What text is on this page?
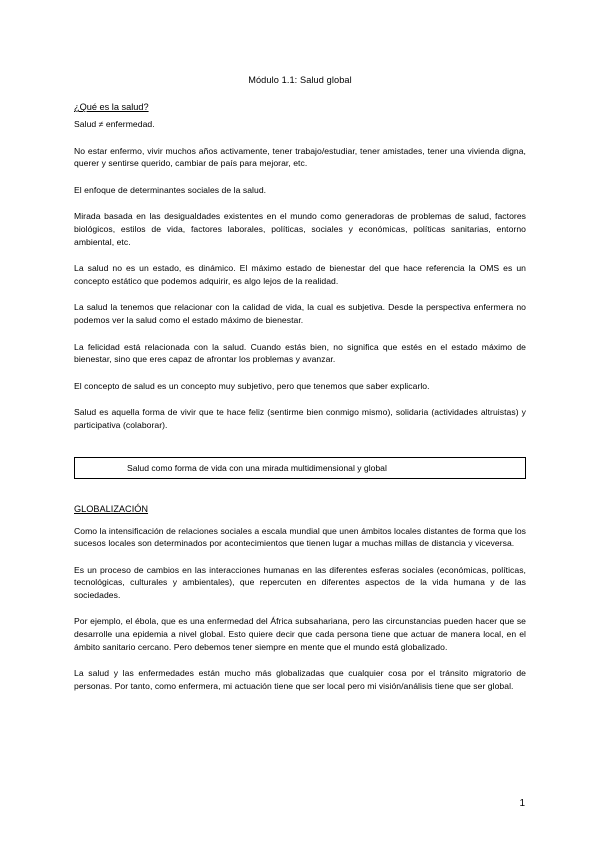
Módulo 1.1: Salud global
¿Qué es la salud?

Salud ≠ enfermedad.

No estar enfermo, vivir muchos años activamente, tener trabajo/estudiar, tener amistades, tener una vivienda digna, querer y sentirse querido, cambiar de país para mejorar, etc.

El enfoque de determinantes sociales de la salud.

Mirada basada en las desigualdades existentes en el mundo como generadoras de problemas de salud, factores biológicos, estilos de vida, factores laborales, políticas, sociales y económicas, políticas sanitarias, entorno ambiental, etc.

La salud no es un estado, es dinámico. El máximo estado de bienestar del que hace referencia la OMS es un concepto estático que podemos adquirir, es algo lejos de la realidad.

La salud la tenemos que relacionar con la calidad de vida, la cual es subjetiva. Desde la perspectiva enfermera no podemos ver la salud como el estado máximo de bienestar.

La felicidad está relacionada con la salud. Cuando estás bien, no significa que estés en el estado máximo de bienestar, sino que eres capaz de afrontar los problemas y avanzar.

El concepto de salud es un concepto muy subjetivo, pero que tenemos que saber explicarlo.

Salud es aquella forma de vivir que te hace feliz (sentirme bien conmigo mismo), solidaria (actividades altruistas) y participativa (colaborar).

Salud como forma de vida con una mirada multidimensional y global
GLOBALIZACIÓN

Como la intensificación de relaciones sociales a escala mundial que unen ámbitos locales distantes de forma que los sucesos locales son determinados por acontecimientos que tienen lugar a muchas millas de distancia y viceversa.

Es un proceso de cambios en las interacciones humanas en las diferentes esferas sociales (económicas, políticas, tecnológicas, culturales y ambientales), que repercuten en diferentes aspectos de la vida humana y de las sociedades.

Por ejemplo, el ébola, que es una enfermedad del África subsahariana, pero las circunstancias pueden hacer que se desarrolle una epidemia a nivel global. Esto quiere decir que cada persona tiene que actuar de manera local, en el ámbito sanitario cercano. Pero debemos tener siempre en mente que el mundo está globalizado.

La salud y las enfermedades están mucho más globalizadas que cualquier cosa por el tránsito migratorio de personas. Por tanto, como enfermera, mi actuación tiene que ser local pero mi visión/análisis tiene que ser global.

1
